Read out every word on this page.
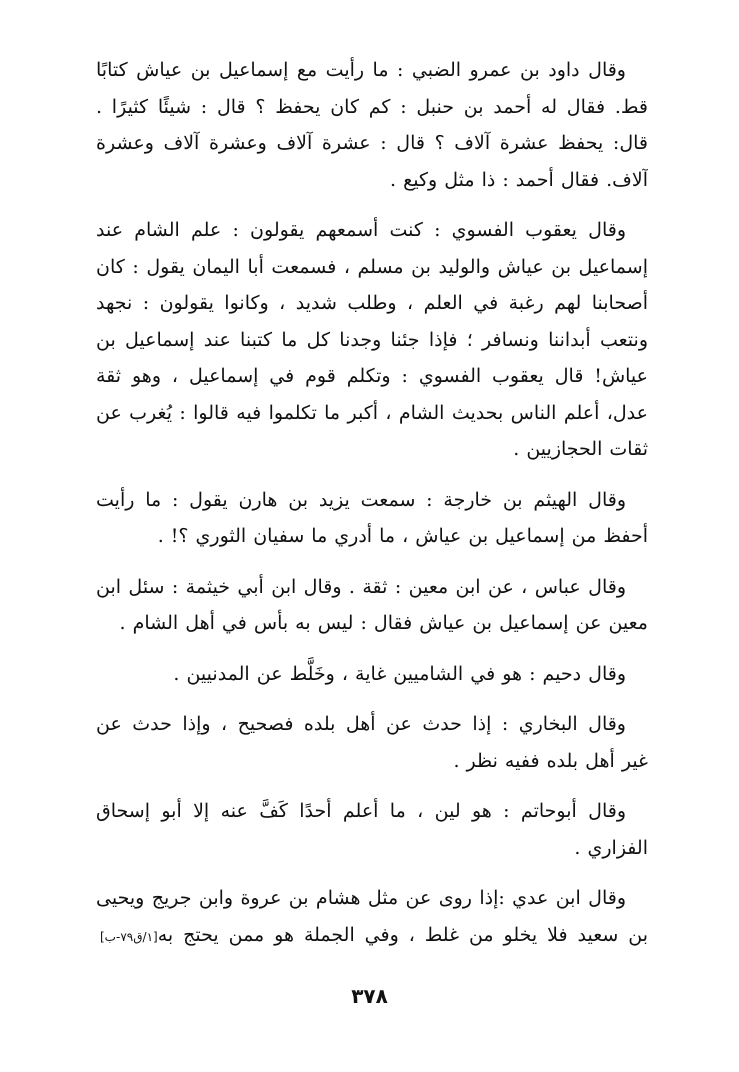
وقال داود بن عمرو الضبي : ما رأيت مع إسماعيل بن عياش كتابًا
قط. فقال له أحمد بن حنبل : كم كان يحفظ ؟ قال : شيئًا كثيرًا .
قال: يحفظ عشرة آلاف ؟ قال : عشرة آلاف وعشرة آلاف وعشرة
آلاف. فقال أحمد : ذا مثل وكيع .

وقال يعقوب الفسوي : كنت أسمعهم يقولون : علم الشام عند
إسماعيل بن عياش والوليد بن مسلم ، فسمعت أبا اليمان يقول : كان
أصحابنا لهم رغبة في العلم ، وطلب شديد ، وكانوا يقولون : نجهد
ونتعب أبداننا ونسافر ؛ فإذا جئنا وجدنا كل ما كتبنا عند إسماعيل بن
عياش! قال يعقوب الفسوي : وتكلم قوم في إسماعيل ، وهو ثقة
عدل، أعلم الناس بحديث الشام ، أكبر ما تكلموا فيه قالوا : يُغرب عن
ثقات الحجازيين .

وقال الهيثم بن خارجة : سمعت يزيد بن هارن يقول : ما رأيت
أحفظ من إسماعيل بن عياش ، ما أدري ما سفيان الثوري ؟! .

وقال عباس ، عن ابن معين : ثقة . وقال ابن أبي خيثمة : سئل ابن
معين عن إسماعيل بن عياش فقال : ليس به بأس في أهل الشام .

وقال دحيم : هو في الشاميين غاية ، وخَلَّط عن المدنيين .

وقال البخاري : إذا حدث عن أهل بلده فصحيح ، وإذا حدث عن
غير أهل بلده ففيه نظر .

وقال أبوحاتم : هو لين ، ما أعلم أحدًا كَفَّ عنه إلا أبو إسحاق
الفزاري .

وقال ابن عدي :إذا روى عن مثل هشام بن عروة وابن جريج ويحيى
بن سعيد فلا يخلو من غلط ، وفي الجملة هو ممن يحتج به[١/ق٧٩-ب]

٣٧٨
